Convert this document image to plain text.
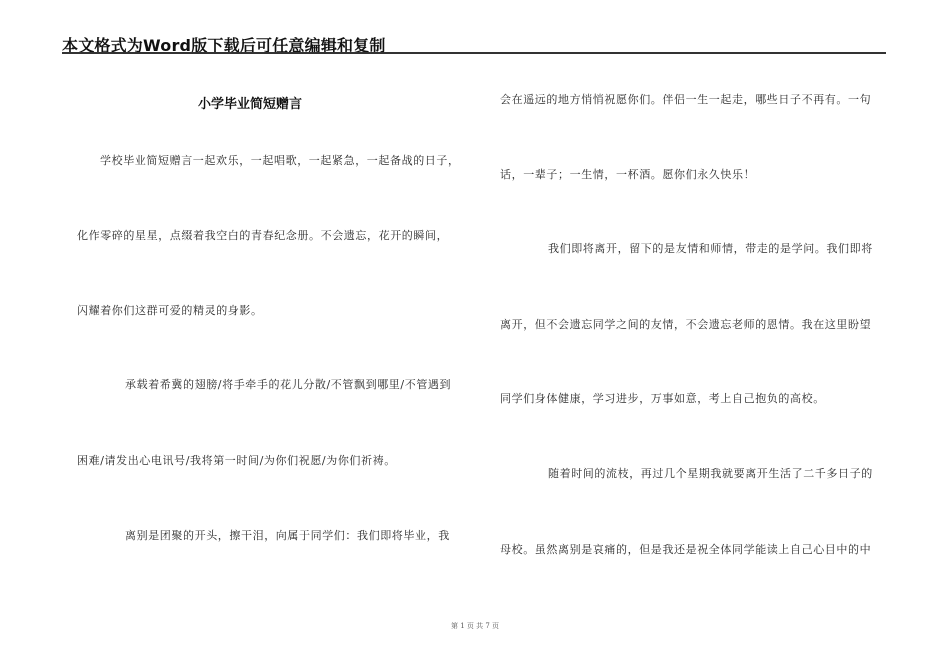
本文格式为Word版下载后可任意编辑和复制
小学毕业简短赠言
学校毕业简短赠言一起欢乐，一起唱歌，一起紧急，一起备战的日子，
化作零碎的星星，点缀着我空白的青春纪念册。不会遗忘，花开的瞬间，
闪耀着你们这群可爱的精灵的身影。
承载着希冀的翅膀/将手牵手的花儿分散/不管飘到哪里/不管遇到
困难/请发出心电讯号/我将第一时间/为你们祝愿/为你们祈祷。
离别是团聚的开头，擦干泪，向属于同学们：我们即将毕业，我
会在遥远的地方悄悄祝愿你们。伴侣一生一起走，哪些日子不再有。一句
话，一辈子；一生情，一杯酒。愿你们永久快乐！
我们即将离开，留下的是友情和师情，带走的是学问。我们即将
离开，但不会遗忘同学之间的友情，不会遗忘老师的恩情。我在这里盼望
同学们身体健康，学习进步，万事如意，考上自己抱负的高校。
随着时间的流枝，再过几个星期我就要离开生活了二千多日子的
母校。虽然离别是哀痛的，但是我还是祝全体同学能读上自己心目中的中
第 1 页 共 7 页
